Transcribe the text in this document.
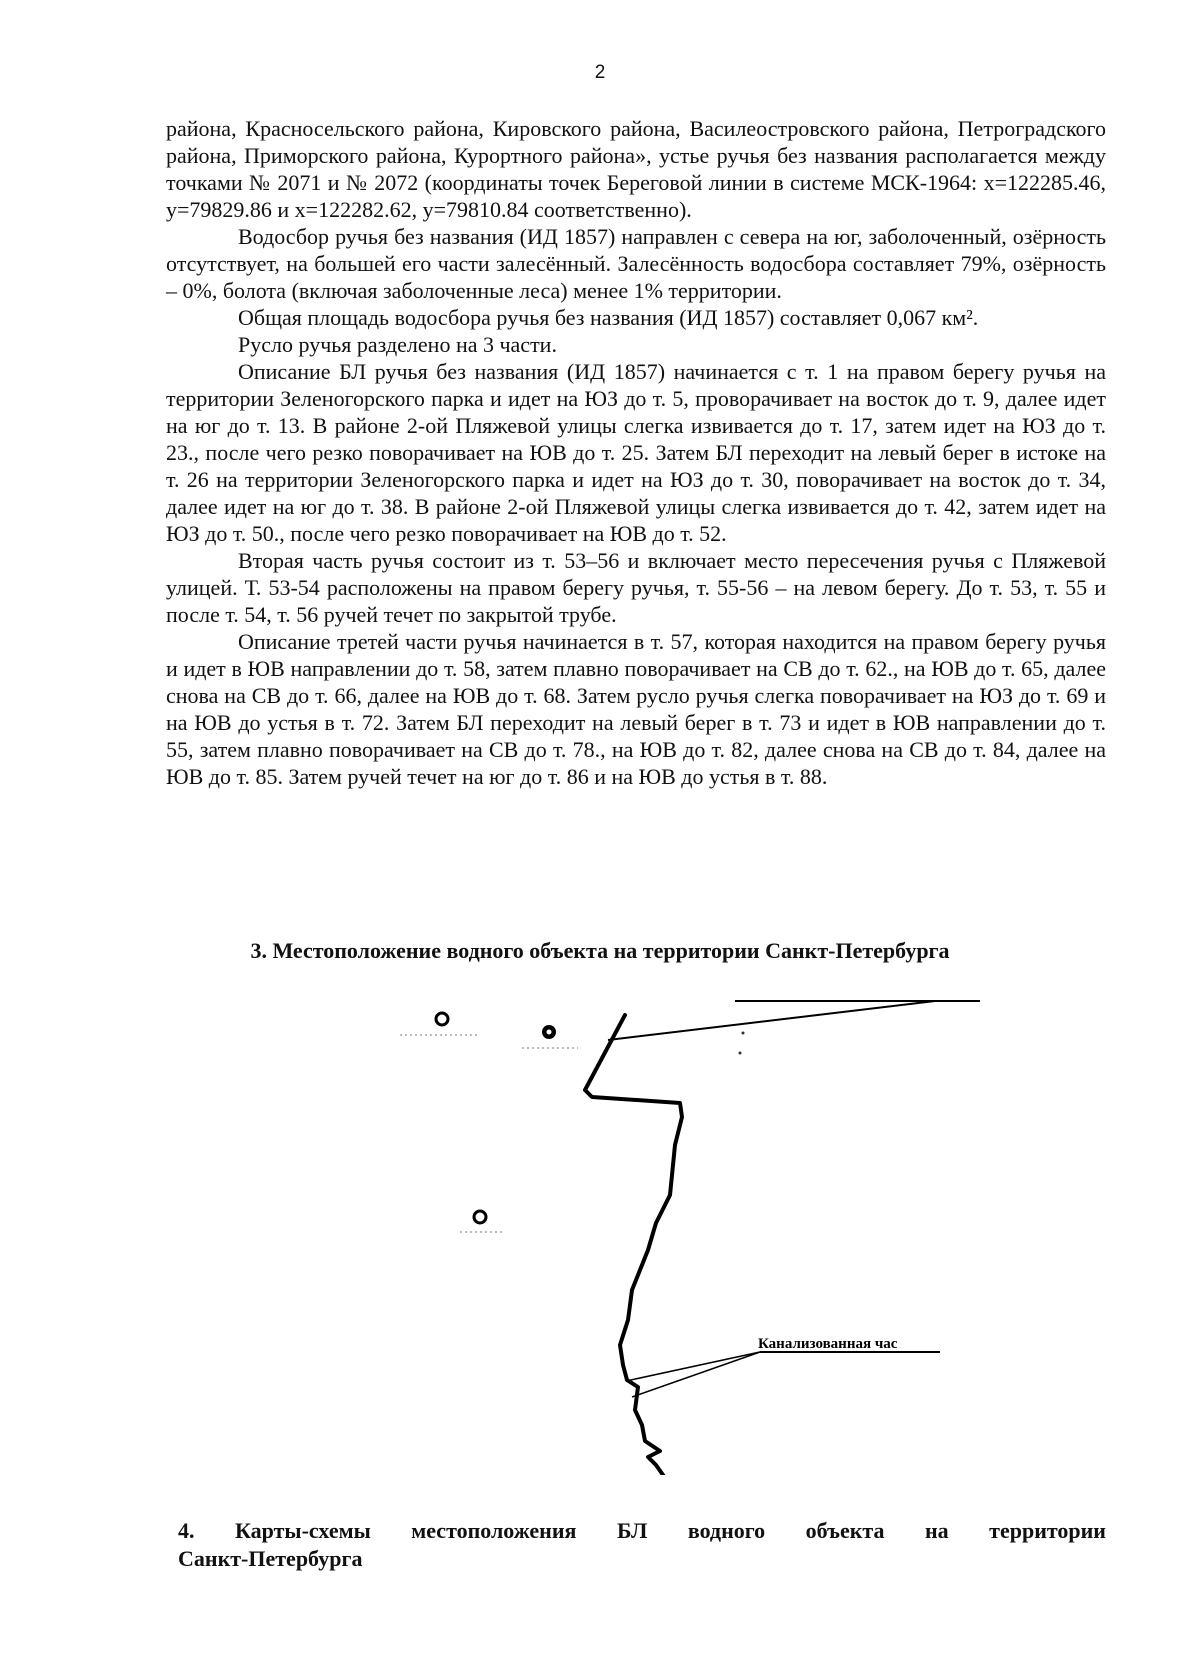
2

района, Красносельского района, Кировского района, Василеостровского района, Петроградского района, Приморского района, Курортного района», устье ручья без названия располагается между точками № 2071 и № 2072 (координаты точек Береговой линии в системе МСК-1964: x=122285.46, y=79829.86 и x=122282.62, y=79810.84 соответственно).

Водосбор ручья без названия (ИД 1857) направлен с севера на юг, заболоченный, озёрность отсутствует, на большей его части залесённый. Залесённость водосбора составляет 79%, озёрность – 0%, болота (включая заболоченные леса) менее 1% территории.

Общая площадь водосбора ручья без названия (ИД 1857) составляет 0,067 км².

Русло ручья разделено на 3 части.

Описание БЛ ручья без названия (ИД 1857) начинается с т. 1 на правом берегу ручья на территории Зеленогорского парка и идет на ЮЗ до т. 5, проворачивает на восток до т. 9, далее идет на юг до т. 13. В районе 2-ой Пляжевой улицы слегка извивается до т. 17, затем идет на ЮЗ до т. 23., после чего резко поворачивает на ЮВ до т. 25. Затем БЛ переходит на левый берег в истоке на т. 26 на территории Зеленогорского парка и идет на ЮЗ до т. 30, поворачивает на восток до т. 34, далее идет на юг до т. 38. В районе 2-ой Пляжевой улицы слегка извивается до т. 42, затем идет на ЮЗ до т. 50., после чего резко поворачивает на ЮВ до т. 52.

Вторая часть ручья состоит из т. 53–56 и включает место пересечения ручья с Пляжевой улицей. Т. 53-54 расположены на правом берегу ручья, т. 55-56 – на левом берегу. До т. 53, т. 55 и после т. 54, т. 56 ручей течет по закрытой трубе.

Описание третей части ручья начинается в т. 57, которая находится на правом берегу ручья и идет в ЮВ направлении до т. 58, затем плавно поворачивает на СВ до т. 62., на ЮВ до т. 65, далее снова на СВ до т. 66, далее на ЮВ до т. 68. Затем русло ручья слегка поворачивает на ЮЗ до т. 69 и на ЮВ до устья в т. 72. Затем БЛ переходит на левый берег в т. 73 и идет в ЮВ направлении до т. 55, затем плавно поворачивает на СВ до т. 78., на ЮВ до т. 82, далее снова на СВ до т. 84, далее на ЮВ до т. 85. Затем ручей течет на юг до т. 86 и на ЮВ до устья в т. 88.

3. Местоположение водного объекта на территории Санкт-Петербурга
Канализованная час
4. Карты-схемы местоположения БЛ водного объекта на территории
Санкт-Петербурга
